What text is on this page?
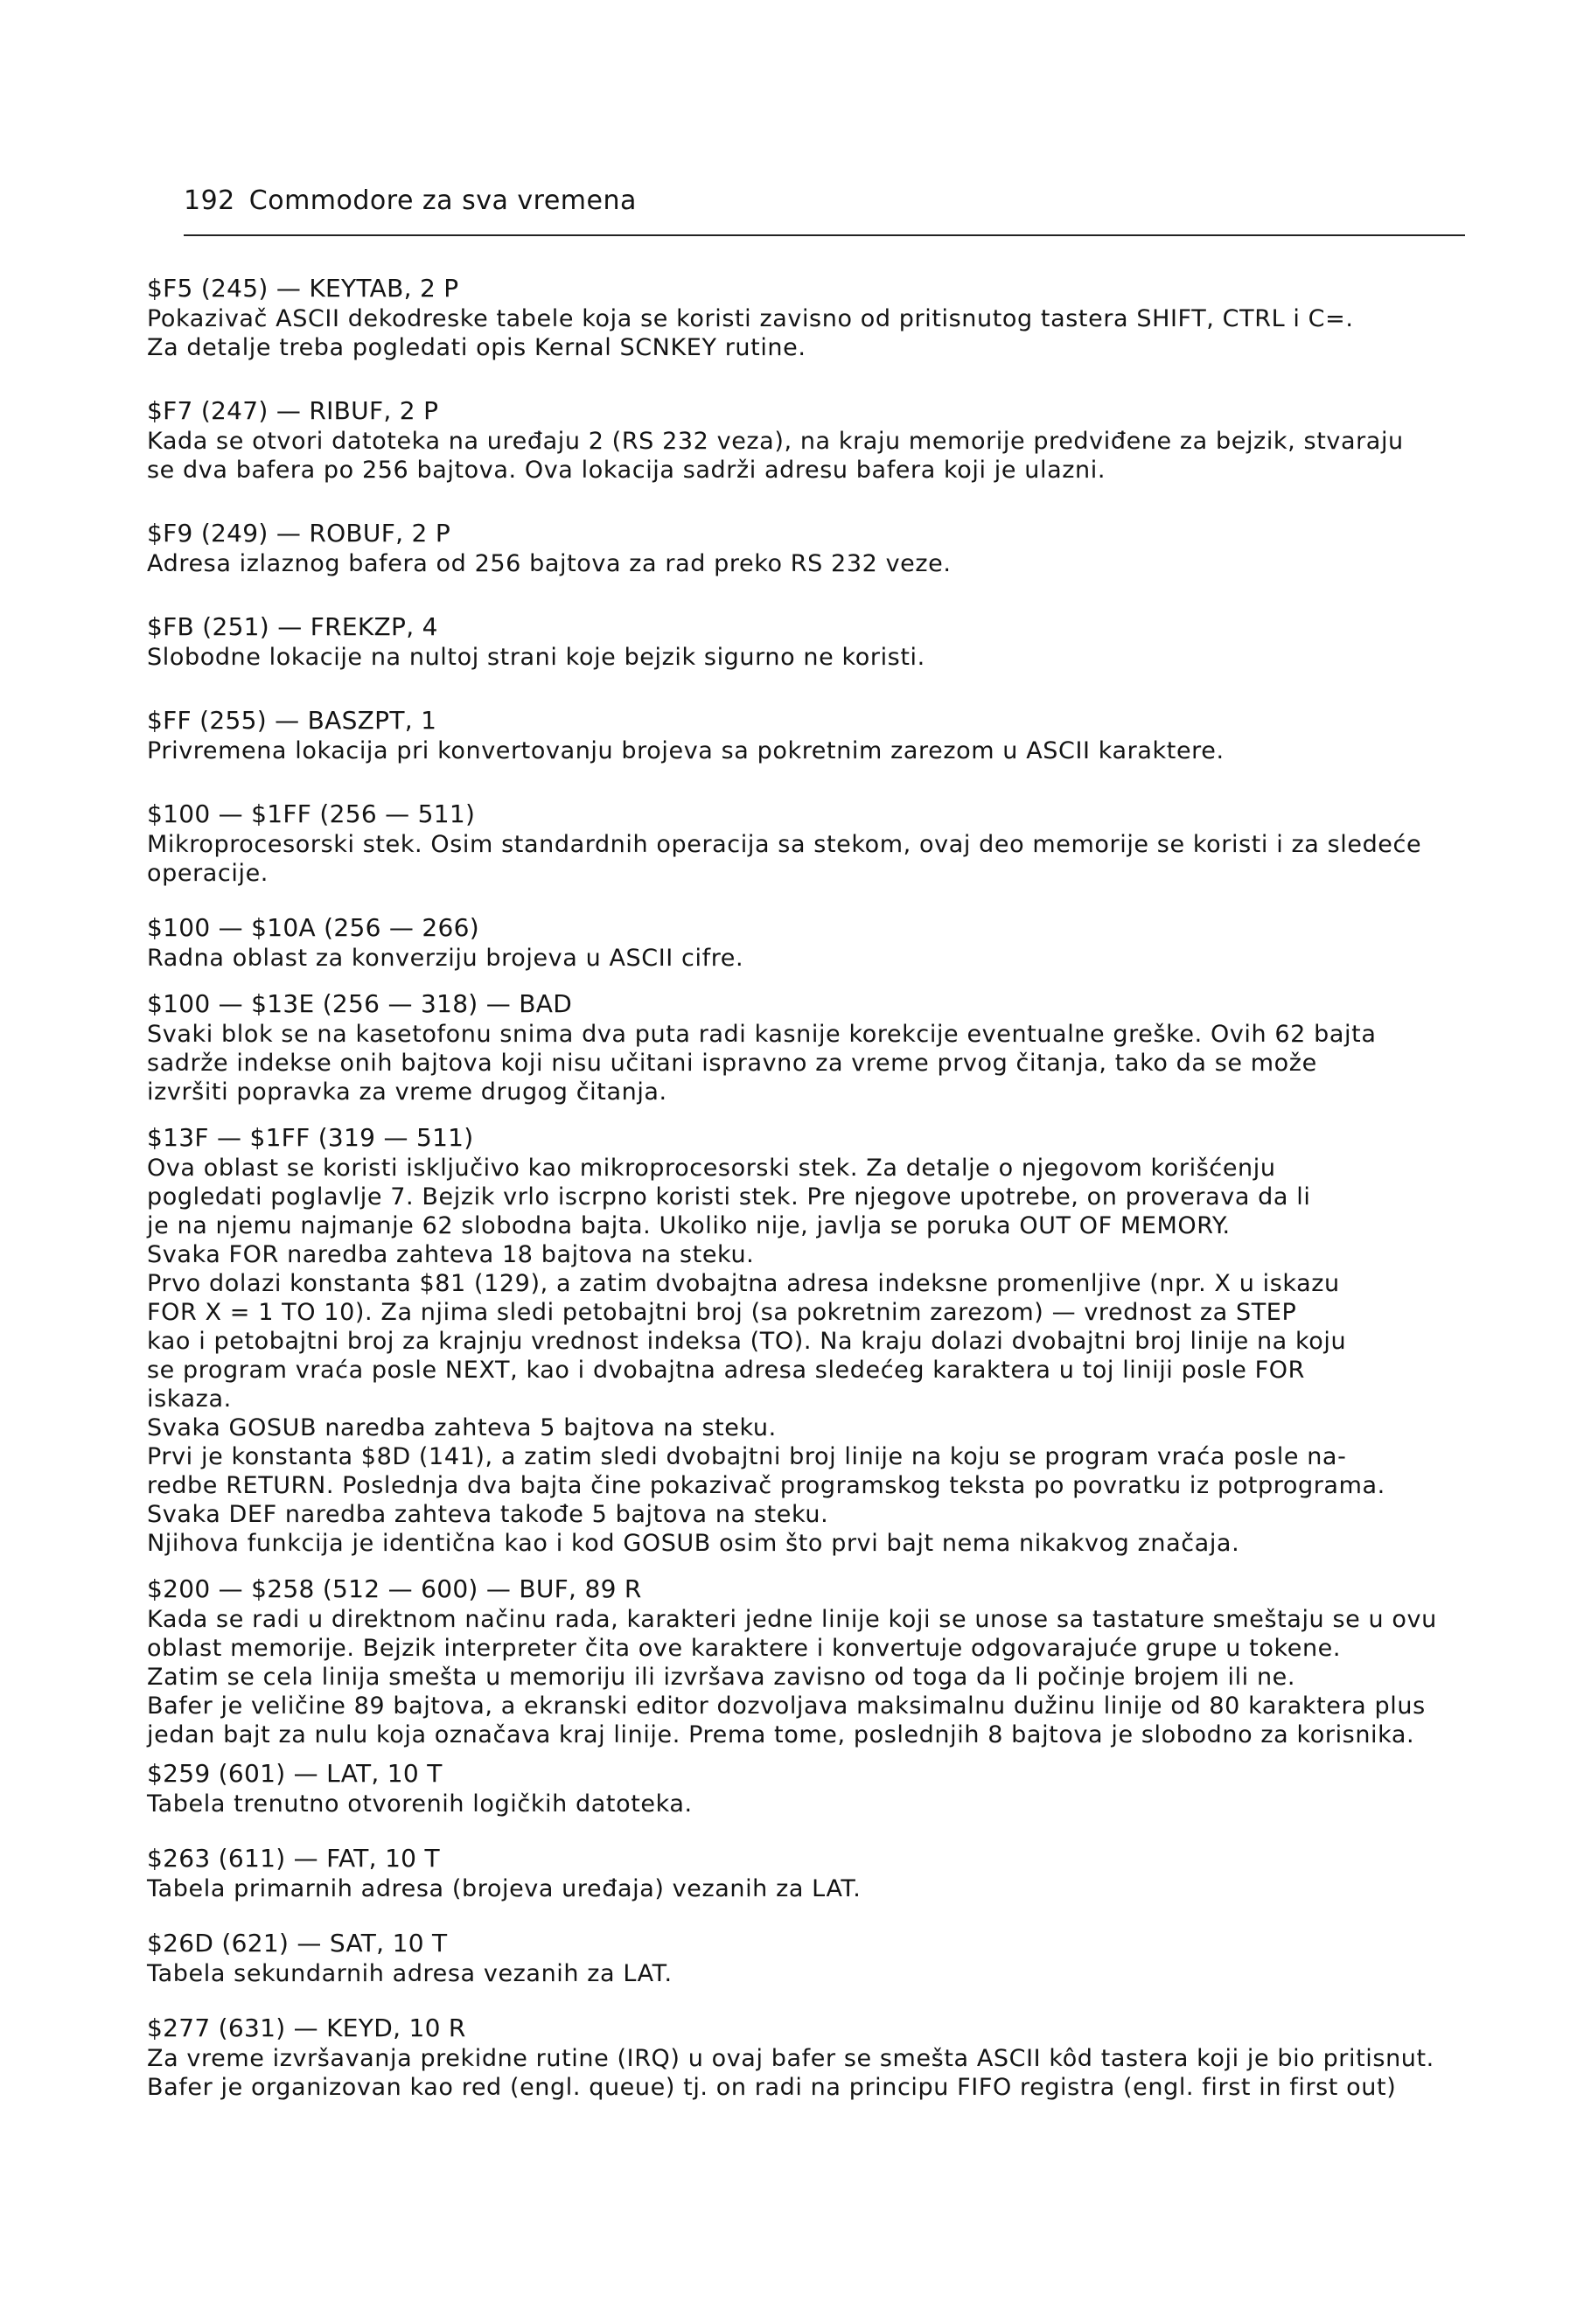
192 Commodore za sva vremena
$F5 (245) — KEYTAB, 2 P
Pokazivač ASCII dekodreske tabele koja se koristi zavisno od pritisnutog tastera SHIFT, CTRL i C=.
Za detalje treba pogledati opis Kernal SCNKEY rutine.
$F7 (247) — RIBUF, 2 P
Kada se otvori datoteka na uređaju 2 (RS 232 veza), na kraju memorije predviđene za bejzik, stvaraju
se dva bafera po 256 bajtova. Ova lokacija sadrži adresu bafera koji je ulazni.
$F9 (249) — ROBUF, 2 P
Adresa izlaznog bafera od 256 bajtova za rad preko RS 232 veze.
$FB (251) — FREKZP, 4
Slobodne lokacije na nultoj strani koje bejzik sigurno ne koristi.
$FF (255) — BASZPT, 1
Privremena lokacija pri konvertovanju brojeva sa pokretnim zarezom u ASCII karaktere.
$100 — $1FF (256 — 511)
Mikroprocesorski stek. Osim standardnih operacija sa stekom, ovaj deo memorije se koristi i za sledeće
operacije.
$100 — $10A (256 — 266)
Radna oblast za konverziju brojeva u ASCII cifre.
$100 — $13E (256 — 318) — BAD
Svaki blok se na kasetofonu snima dva puta radi kasnije korekcije eventualne greške. Ovih 62 bajta
sadrže indekse onih bajtova koji nisu učitani ispravno za vreme prvog čitanja, tako da se može
izvršiti popravka za vreme drugog čitanja.
$13F — $1FF (319 — 511)
Ova oblast se koristi isključivo kao mikroprocesorski stek. Za detalje o njegovom korišćenju
pogledati poglavlje 7. Bejzik vrlo iscrpno koristi stek. Pre njegove upotrebe, on proverava da li
je na njemu najmanje 62 slobodna bajta. Ukoliko nije, javlja se poruka OUT OF MEMORY.
Svaka FOR naredba zahteva 18 bajtova na steku.
Prvo dolazi konstanta $81 (129), a zatim dvobajtna adresa indeksne promenljive (npr. X u iskazu
FOR X = 1 TO 10). Za njima sledi petobajtni broj (sa pokretnim zarezom) — vrednost za STEP
kao i petobajtni broj za krajnju vrednost indeksa (TO). Na kraju dolazi dvobajtni broj linije na koju
se program vraća posle NEXT, kao i dvobajtna adresa sledećeg karaktera u toj liniji posle FOR
iskaza.
Svaka GOSUB naredba zahteva 5 bajtova na steku.
Prvi je konstanta $8D (141), a zatim sledi dvobajtni broj linije na koju se program vraća posle na-
redbe RETURN. Poslednja dva bajta čine pokazivač programskog teksta po povratku iz potprograma.
Svaka DEF naredba zahteva takođe 5 bajtova na steku.
Njihova funkcija je identična kao i kod GOSUB osim što prvi bajt nema nikakvog značaja.
$200 — $258 (512 — 600) — BUF, 89 R
Kada se radi u direktnom načinu rada, karakteri jedne linije koji se unose sa tastature smeštaju se u ovu
oblast memorije. Bejzik interpreter čita ove karaktere i konvertuje odgovarajuće grupe u tokene.
Zatim se cela linija smešta u memoriju ili izvršava zavisno od toga da li počinje brojem ili ne.
Bafer je veličine 89 bajtova, a ekranski editor dozvoljava maksimalnu dužinu linije od 80 karaktera plus
jedan bajt za nulu koja označava kraj linije. Prema tome, poslednjih 8 bajtova je slobodno za korisnika.
$259 (601) — LAT, 10 T
Tabela trenutno otvorenih logičkih datoteka.
$263 (611) — FAT, 10 T
Tabela primarnih adresa (brojeva uređaja) vezanih za LAT.
$26D (621) — SAT, 10 T
Tabela sekundarnih adresa vezanih za LAT.
$277 (631) — KEYD, 10 R
Za vreme izvršavanja prekidne rutine (IRQ) u ovaj bafer se smešta ASCII kôd tastera koji je bio pritisnut.
Bafer je organizovan kao red (engl. queue) tj. on radi na principu FIFO registra (engl. first in first out)
